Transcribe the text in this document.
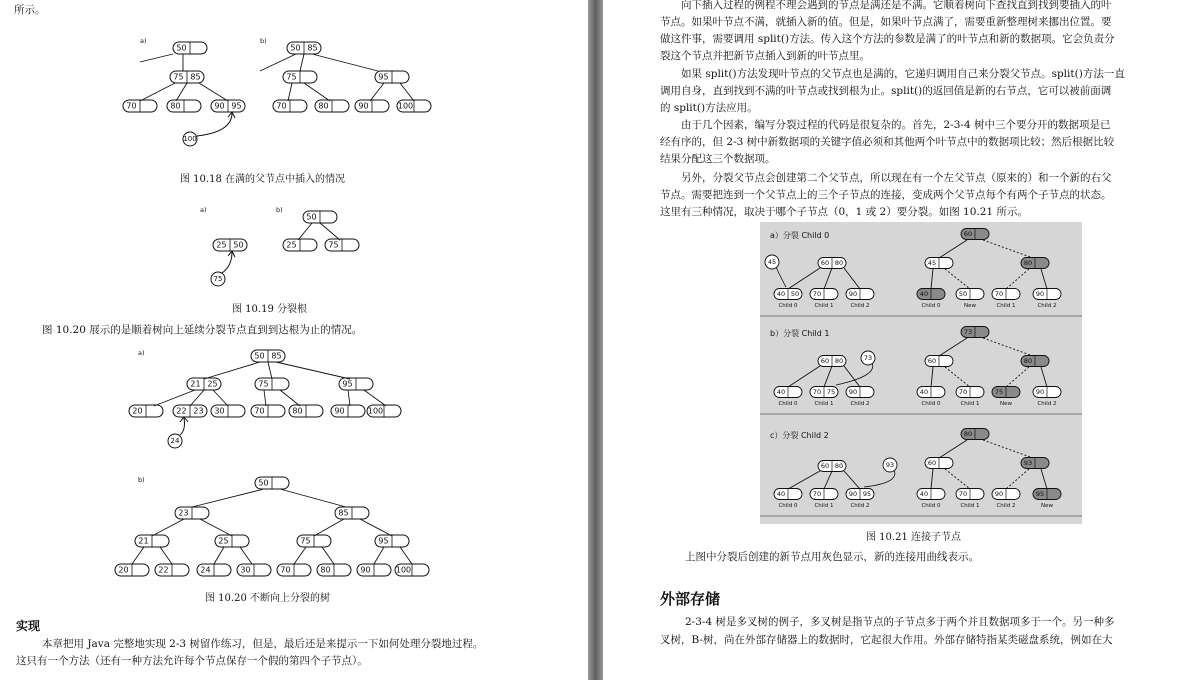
所示。
a)	b)
50
75 85
70	80	90 95
100
50 85
75	95
70	80	90	100
a)	b)
25 50
75
50
25	75
a)
b)
50 85
21 25	75	95
20	22 23 30	70	80	90	100
24
50
23	85
21	25	75	95
20	22	24	30	70	80	90	100
图 10.18 在满的父节点中插入的情况
图 10.19 分裂根
图 10.20 展示的是顺着树向上延续分裂节点直到到达根为止的情况。
图 10.20 不断向上分裂的树
实现
本章把用 Java 完整地实现 2-3 树留作练习，但是，最后还是来提示一下如何处理分裂地过程。
这只有一个方法（还有一种方法允许每个节点保存一个假的第四个子节点）。
向下插入过程的例程不理会遇到的节点是满还是不满。它顺着树向下查找直到找到要插入的叶
节点。如果叶节点不满，就插入新的值。但是，如果叶节点满了，需要重新整理树来挪出位置。要
做这件事，需要调用 split()方法。传入这个方法的参数是满了的叶节点和新的数据项。它会负责分
裂这个节点并把新节点插入到新的叶节点里。
如果 split()方法发现叶节点的父节点也是满的，它递归调用自己来分裂父节点。split()方法一直
调用自身，直到找到不满的叶节点或找到根为止。split()的返回值是新的右节点，它可以被前面调
的 split()方法应用。
由于几个因素，编写分裂过程的代码是很复杂的。首先，2-3-4 树中三个要分开的数据项是已
经有序的，但 2-3 树中新数据项的关键字值必须和其他两个叶节点中的数据项比较；然后根据比较
结果分配这三个数据项。
另外，分裂父节点会创建第二个父节点，所以现在有一个左父节点（原来的）和一个新的右父
节点。需要把连到一个父节点上的三个子节点的连接，变成两个父节点每个有两个子节点的状态。
这里有三种情况，取决于哪个子节点（0，1 或 2）要分裂。如图 10.21 所示。
图 10.21 连接子节点
上图中分裂后创建的新节点用灰色显示，新的连接用曲线表示。
外部存储
2-3-4 树是多叉树的例子，多叉树是指节点的子节点多于两个并且数据项多于一个。另一种多
叉树，B-树，尚在外部存储器上的数据时，它起很大作用。外部存储特指某类磁盘系统，例如在大
a）分裂 Child 0
60 80
40 50 70	90
Child 0	Child 1	Child 2
45
60
45	80
40
Child 0
50
New
70
Child 1
90
Child 2
b）分裂 Child 1
60 80
40	70 75 90
Child 0	Child 1	Child 2
73
73
60	80
40
Child 0
70
Child 1
75
New
90
Child 2
c）分裂 Child 2
60 80
40	70	90 95
Child 0	Child 1	Child 2
93
80
60	93
40
Child 0
70
Child 1
90
Child 2
95
New
